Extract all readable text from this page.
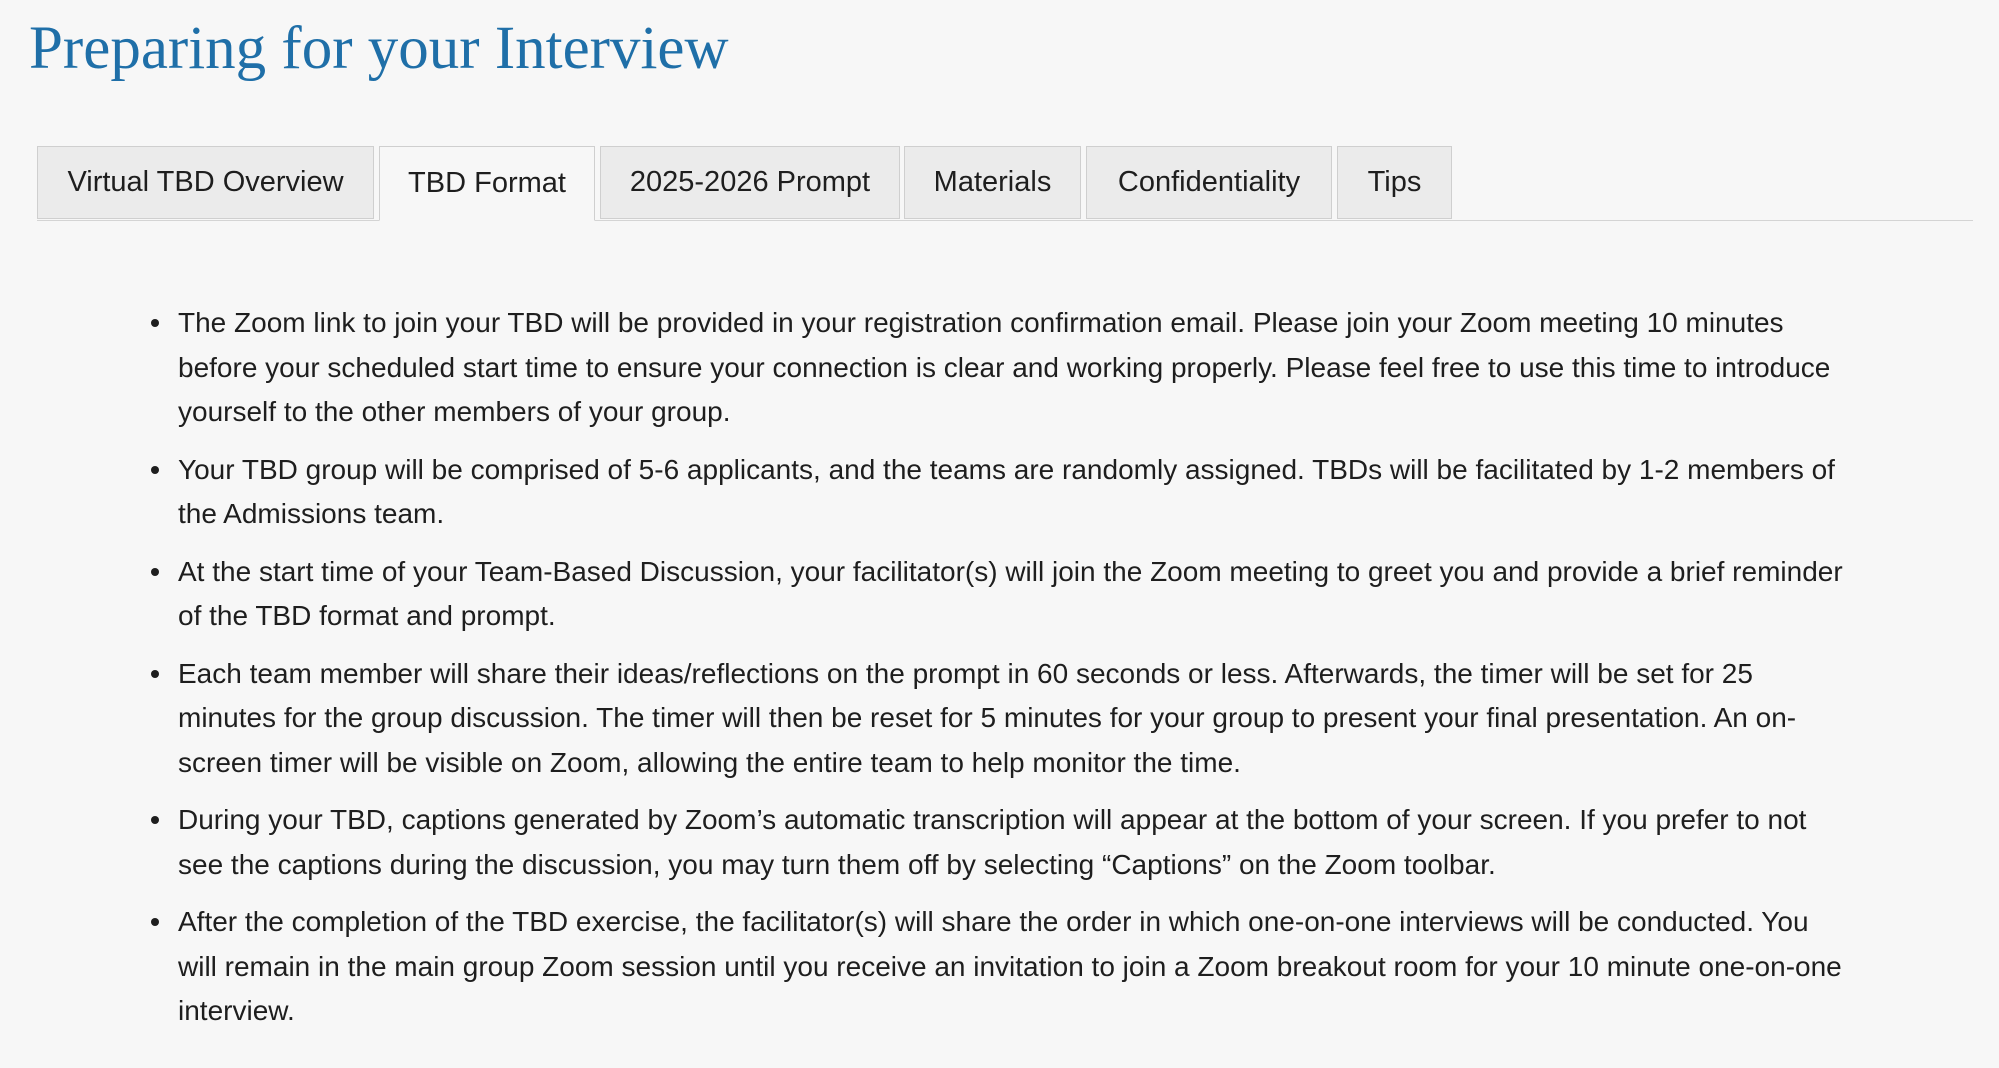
Preparing for your Interview
Virtual TBD Overview	TBD Format	2025-2026 Prompt	Materials	Confidentiality	Tips
The Zoom link to join your TBD will be provided in your registration confirmation email. Please join your Zoom meeting 10 minutes before your scheduled start time to ensure your connection is clear and working properly. Please feel free to use this time to introduce yourself to the other members of your group.
Your TBD group will be comprised of 5-6 applicants, and the teams are randomly assigned. TBDs will be facilitated by 1-2 members of the Admissions team.
At the start time of your Team-Based Discussion, your facilitator(s) will join the Zoom meeting to greet you and provide a brief reminder of the TBD format and prompt.
Each team member will share their ideas/reflections on the prompt in 60 seconds or less. Afterwards, the timer will be set for 25 minutes for the group discussion. The timer will then be reset for 5 minutes for your group to present your final presentation. An on-screen timer will be visible on Zoom, allowing the entire team to help monitor the time.
During your TBD, captions generated by Zoom’s automatic transcription will appear at the bottom of your screen. If you prefer to not see the captions during the discussion, you may turn them off by selecting “Captions” on the Zoom toolbar.
After the completion of the TBD exercise, the facilitator(s) will share the order in which one-on-one interviews will be conducted. You will remain in the main group Zoom session until you receive an invitation to join a Zoom breakout room for your 10 minute one-on-one interview.
